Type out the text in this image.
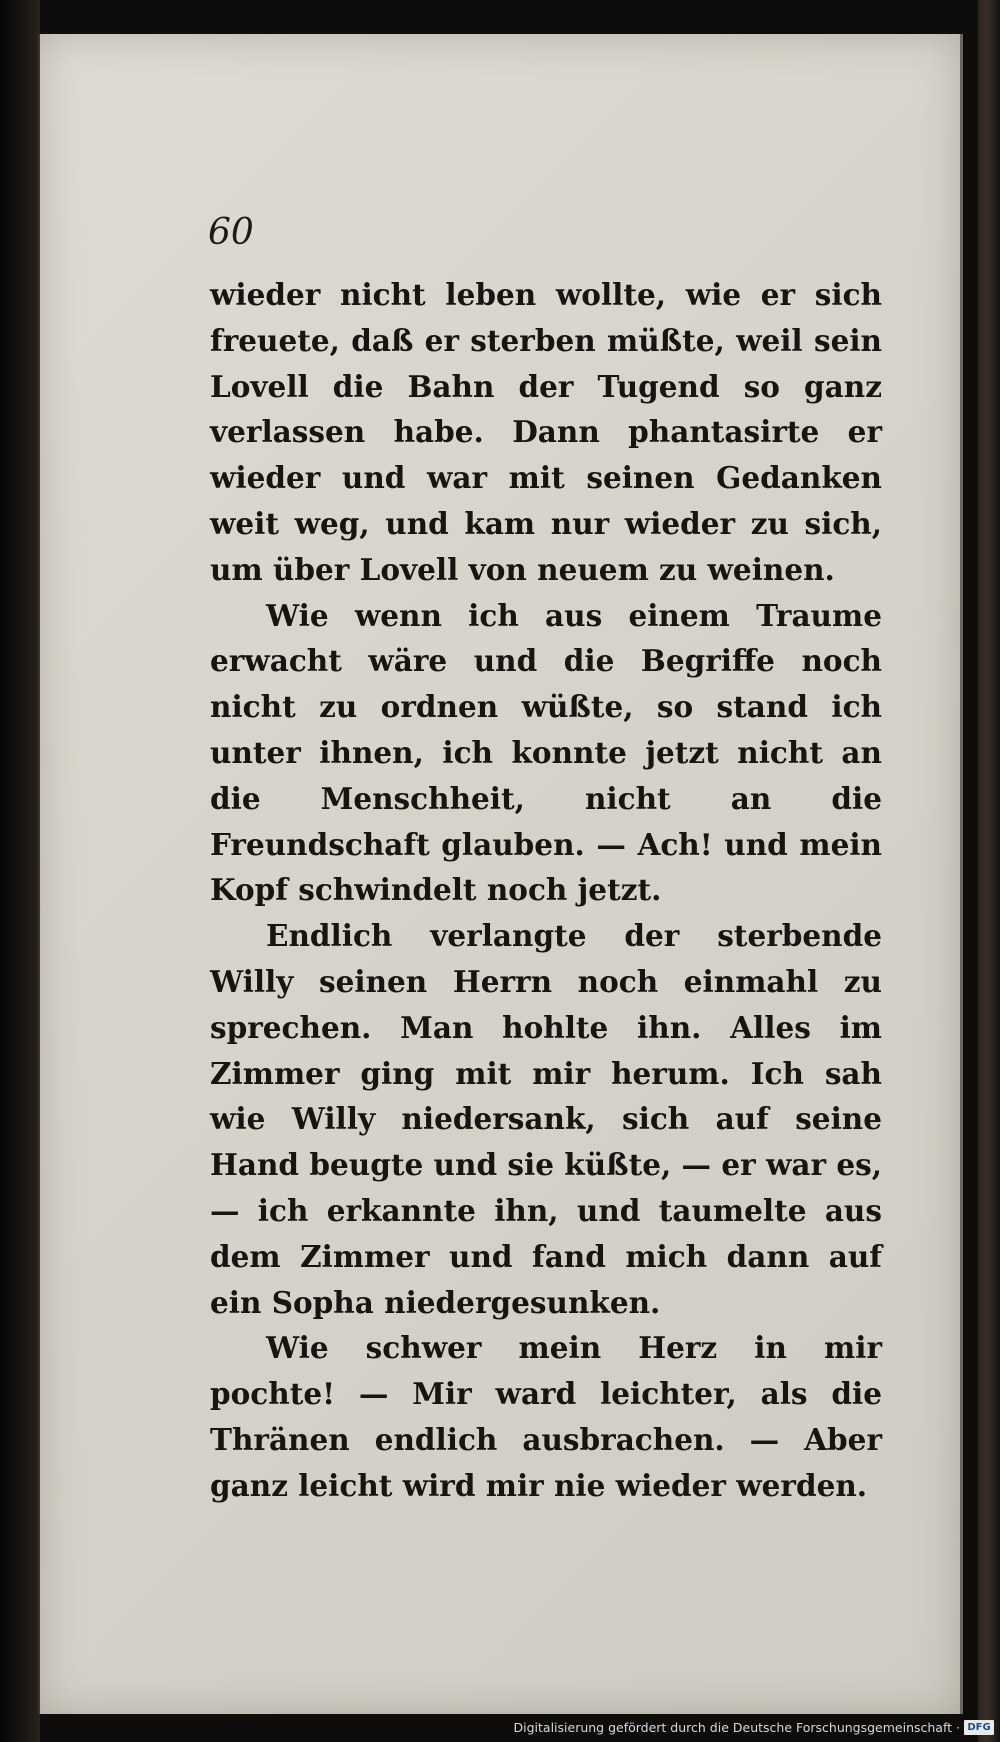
60

wieder nicht leben wollte, wie er sich freuete, daß er sterben müßte, weil sein Lovell die Bahn der Tugend so ganz verlassen habe. Dann phantasirte er wieder und war mit seinen Gedanken weit weg, und kam nur wieder zu sich, um über Lovell von neuem zu weinen.

Wie wenn ich aus einem Traume erwacht wäre und die Begriffe noch nicht zu ordnen wüßte, so stand ich unter ihnen, ich konnte jetzt nicht an die Menschheit, nicht an die Freundschaft glauben. — Ach! und mein Kopf schwindelt noch jetzt.

Endlich verlangte der sterbende Willy seinen Herrn noch einmahl zu sprechen. Man hohlte ihn. Alles im Zimmer ging mit mir herum. Ich sah wie Willy niedersank, sich auf seine Hand beugte und sie küßte, — er war es, — ich erkannte ihn, und taumelte aus dem Zimmer und fand mich dann auf ein Sopha niedergesunken.

Wie schwer mein Herz in mir pochte! — Mir ward leichter, als die Thränen endlich ausbrachen. — Aber ganz leicht wird mir nie wieder werden.

Digitalisierung gefördert durch die Deutsche Forschungsgemeinschaft · DFG
